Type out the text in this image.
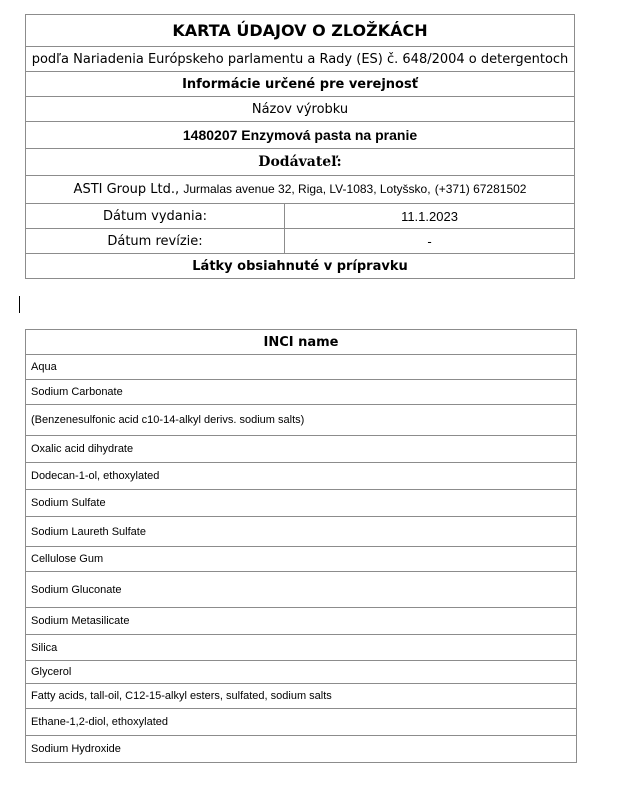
KARTA ÚDAJOV O ZLOŽKÁCH	
podľa Nariadenia Európskeho parlamentu a Rady (ES) č. 648/2004 o detergentoch	
Informácie určené pre verejnosť	
Názov výrobku	
1480207 Enzymová pasta na pranie	
Dodávateľ:	
ASTI Group Ltd., Jurmalas avenue 32, Riga, LV-1083, Lotyšsko, (+371) 67281502	
Dátum vydania:	11.1.2023
Dátum revízie:	-
Látky obsiahnuté v prípravku	
INCI name
Aqua
Sodium Carbonate
(Benzenesulfonic acid c10-14-alkyl derivs. sodium salts)
Oxalic acid dihydrate
Dodecan-1-ol, ethoxylated
Sodium Sulfate
Sodium Laureth Sulfate
Cellulose Gum
Sodium Gluconate
Sodium Metasilicate
Silica
Glycerol
Fatty acids, tall-oil, C12-15-alkyl esters, sulfated, sodium salts
Ethane-1,2-diol, ethoxylated
Sodium Hydroxide
